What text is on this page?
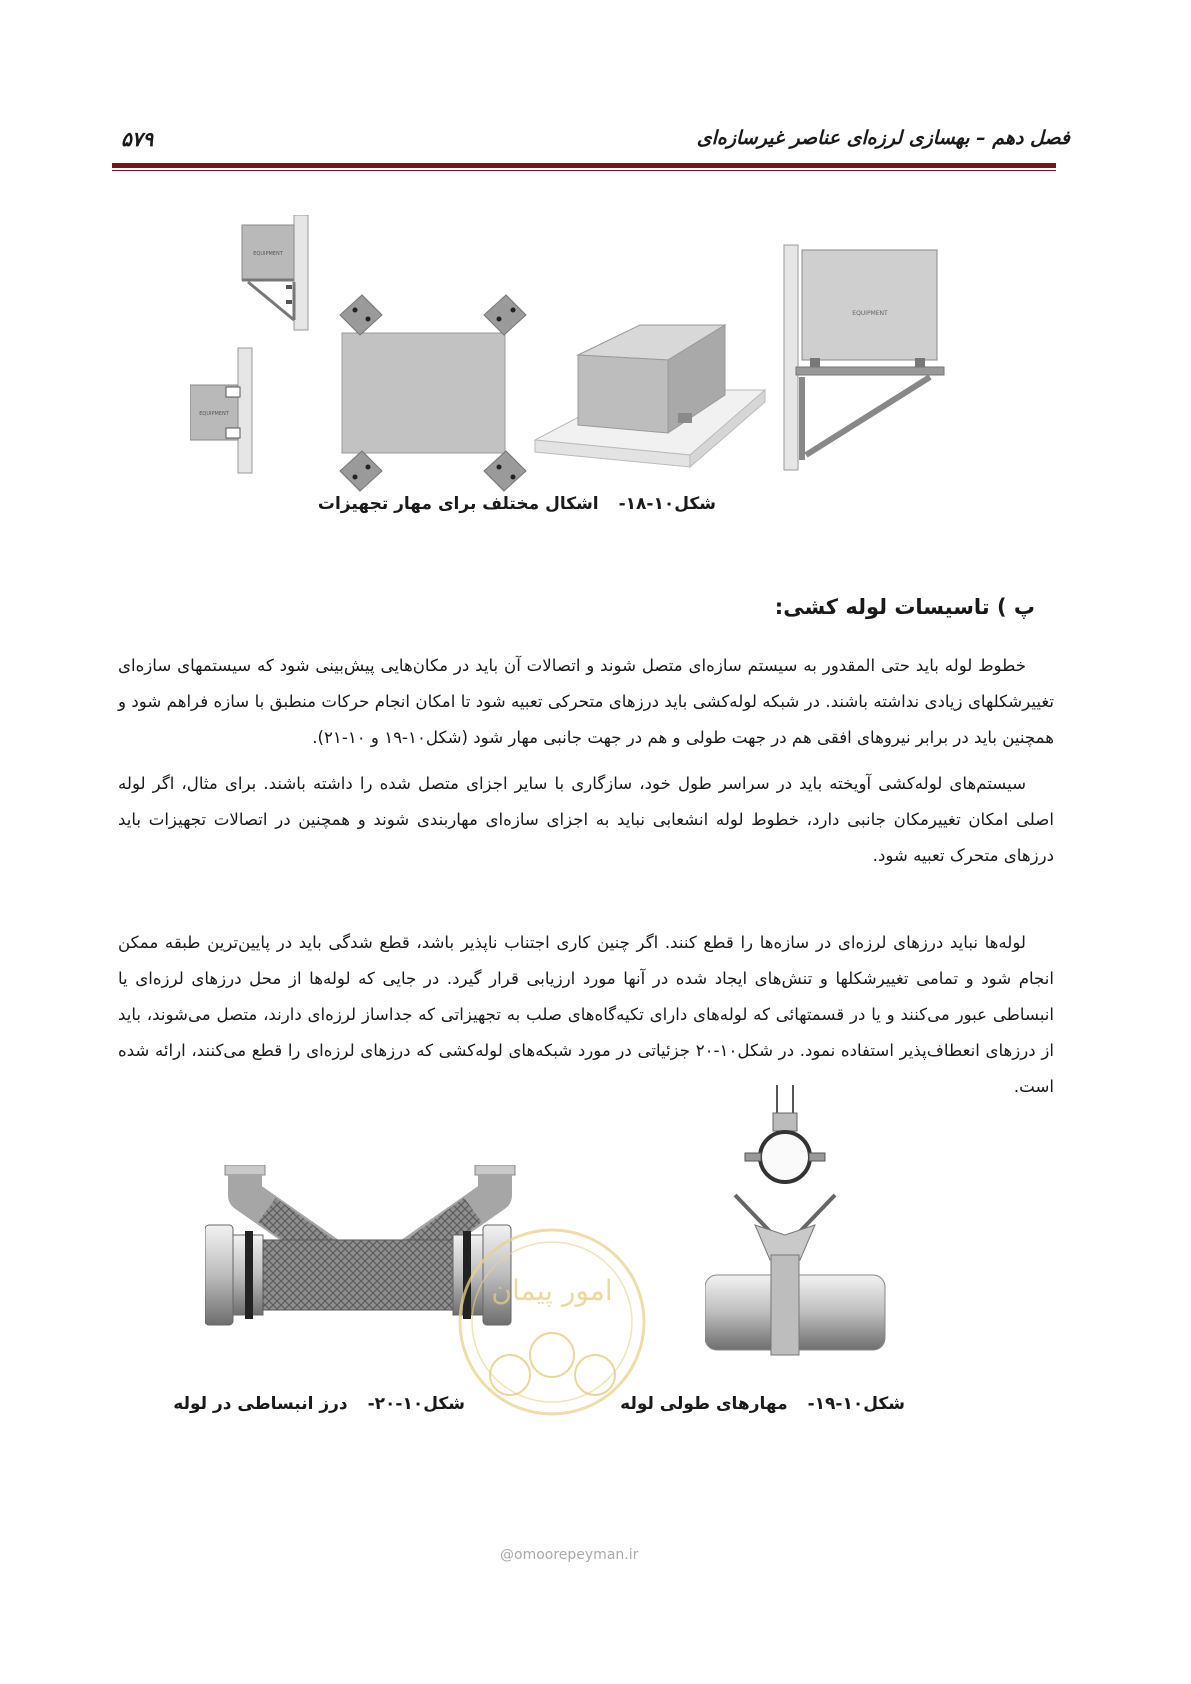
فصل دهم – بهسازی لرزه‌ای عناصر غیرسازه‌ای
۵۷۹
EQUIPMENT
EQUIPMENT
EQUIPMENT
شکل۱۰-۱۸- اشکال مختلف برای مهار تجهیزات
پ ) تاسیسات لوله کشی:
خطوط لوله باید حتی المقدور به سیستم سازه‌ای متصل شوند و اتصالات آن باید در مکان‌هایی پیش‌بینی شود که سیستمهای سازه‌ای تغییرشکلهای زیادی نداشته باشند. در شبکه لوله‌کشی باید درزهای متحرکی تعبیه شود تا امکان انجام حرکات منطبق با سازه فراهم شود و همچنین باید در برابر نیروهای افقی هم در جهت طولی و هم در جهت جانبی مهار شود (شکل۱۰-۱۹ و ۱۰-۲۱).
سیستم‌های لوله‌کشی آویخته باید در سراسر طول خود، سازگاری با سایر اجزای متصل شده را داشته باشند. برای مثال، اگر لوله اصلی امکان تغییرمکان جانبی دارد، خطوط لوله انشعابی نباید به اجزای سازه‌ای مهاربندی شوند و همچنین در اتصالات تجهیزات باید درزهای متحرک تعبیه شود.
لوله‌ها نباید درزهای لرزه‌ای در سازه‌ها را قطع کنند. اگر چنین کاری اجتناب ناپذیر باشد، قطع شدگی باید در پایین‌ترین طبقه ممکن انجام شود و تمامی تغییرشکلها و تنش‌های ایجاد شده در آنها مورد ارزیابی قرار گیرد. در جایی که لوله‌ها از محل درزهای لرزه‌ای یا انبساطی عبور می‌کنند و یا در قسمتهائی که لوله‌های دارای تکیه‌گاه‌های صلب به تجهیزاتی که جداساز لرزه‌ای دارند، متصل می‌شوند، باید از درزهای انعطاف‌پذیر استفاده نمود. در شکل۱۰-۲۰ جزئیاتی در مورد شبکه‌های لوله‌کشی که درزهای لرزه‌ای را قطع می‌کنند، ارائه شده است.
امور پیمان
شکل۱۰-۱۹- مهارهای طولی لوله
شکل۱۰-۲۰- درز انبساطی در لوله
@omoorepeyman.ir
